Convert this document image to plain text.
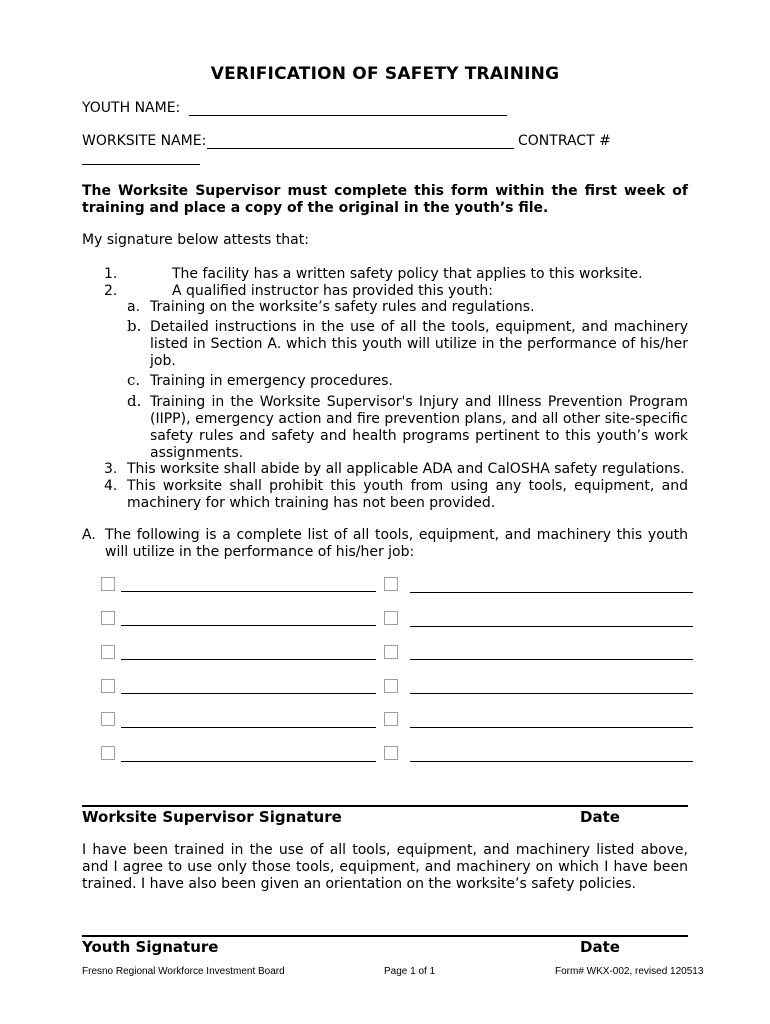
VERIFICATION OF SAFETY TRAINING
YOUTH NAME:
WORKSITE NAME:	CONTRACT #
The Worksite Supervisor must complete this form within the first week of training and place a copy of the original in the youth’s file.
My signature below attests that:
1.	The facility has a written safety policy that applies to this worksite.
2.	A qualified instructor has provided this youth:
a. Training on the worksite’s safety rules and regulations.
b. Detailed instructions in the use of all the tools, equipment, and machinery listed in Section A. which this youth will utilize in the performance of his/her job.
c. Training in emergency procedures.
d. Training in the Worksite Supervisor's Injury and Illness Prevention Program (IIPP), emergency action and fire prevention plans, and all other site-specific safety rules and safety and health programs pertinent to this youth’s work assignments.
3. This worksite shall abide by all applicable ADA and CalOSHA safety regulations.
4. This worksite shall prohibit this youth from using any tools, equipment, and machinery for which training has not been provided.
A. The following is a complete list of all tools, equipment, and machinery this youth will utilize in the performance of his/her job:
Worksite Supervisor Signature	Date
I have been trained in the use of all tools, equipment, and machinery listed above, and I agree to use only those tools, equipment, and machinery on which I have been trained. I have also been given an orientation on the worksite’s safety policies.
Youth Signature	Date
Fresno Regional Workforce Investment Board	Page 1 of 1	Form# WKX-002, revised 120513
